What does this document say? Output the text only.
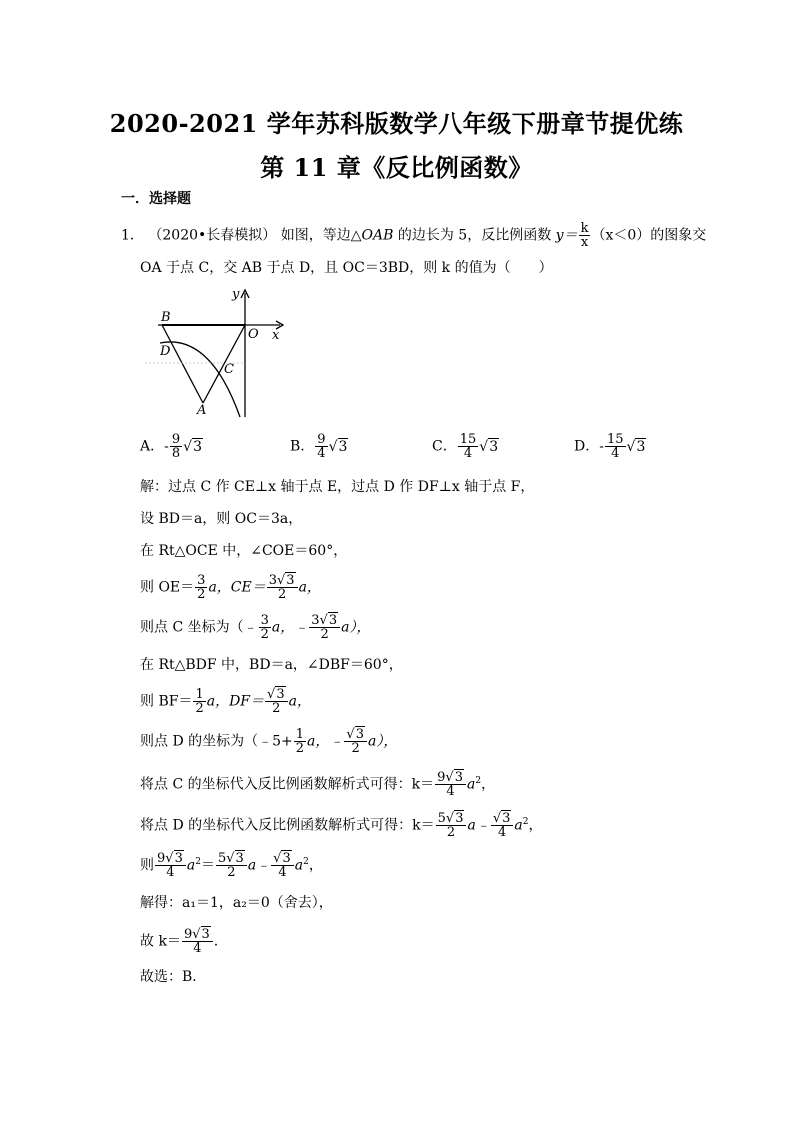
2020-2021 学年苏科版数学八年级下册章节提优练
第 11 章《反比例函数》
一．选择题
1． （2020•长春模拟） 如图，等边△OAB 的边长为 5，反比例函数 $y= \frac{k}{x} (x<0)$的图象交
OA 于点 C，交 AB 于点 D，且 OC＝3BD，则 k 的值为（　　）
y
x
O
B
D
C
A
A．- $\frac{9}{8} √3$	B． $\frac{9}{4} √3$	C． $\frac{15}{4} √3$	D．- $\frac{15}{4} √3$
解：过点 C 作 CE⊥x 轴于点 E，过点 D 作 DF⊥x 轴于点 F，
设 BD＝a，则 OC＝3a，
在 Rt△OCE 中，∠COE＝60°，
则 $OE= \frac{3}{2}$ a，$CE= \frac{3√3}{2}$ a，
则点 C 坐标为（﹣ $\frac{3}{2}$ a，﹣ $\frac{3√3}{2} a$），
在 Rt△BDF 中，BD＝a，∠DBF＝60°，
则 $BF= \frac{1}{2}$ a，$DF= \frac{√3}{2}$ a，
则点 D 的坐标为（﹣5+ $\frac{1}{2}$ a，﹣ $\frac{√3}{2} a$），
将点 C 的坐标代入反比例函数解析式可得：$k= \frac{9√3}{4} a^2$，
将点 D 的坐标代入反比例函数解析式可得：$k= \frac{5√3}{2}$ a﹣ $\frac{√3}{4} a^2$，
则 $\frac{9√3}{4} a^2= \frac{5√3}{2}$ a﹣ $\frac{√3}{4} a^2$，
解得：a₁＝1，a₂＝0（舍去），
故 $k= \frac{9√3}{4}$ .
故选：B．
